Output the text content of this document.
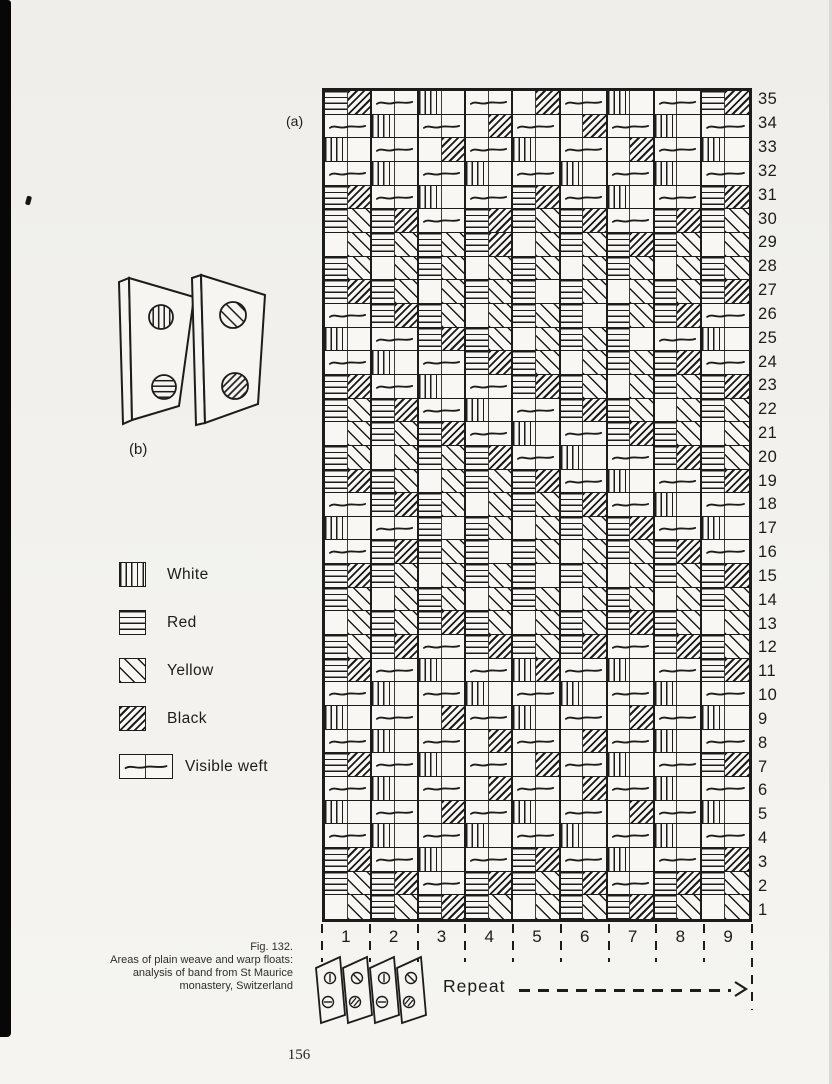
(a)
(b)
White
Red
Yellow
Black
Visible weft
35
34
33
32
31
30
29
28
27
26
25
24
23
22
21
20
19
18
17
16
15
14
13
12
11
10
9
8
7
6
5
4
3
2
1
1	2	3	4	5	6	7	8	9
Repeat
Fig. 132.
Areas of plain weave and warp floats:
analysis of band from St Maurice
monastery, Switzerland
156
